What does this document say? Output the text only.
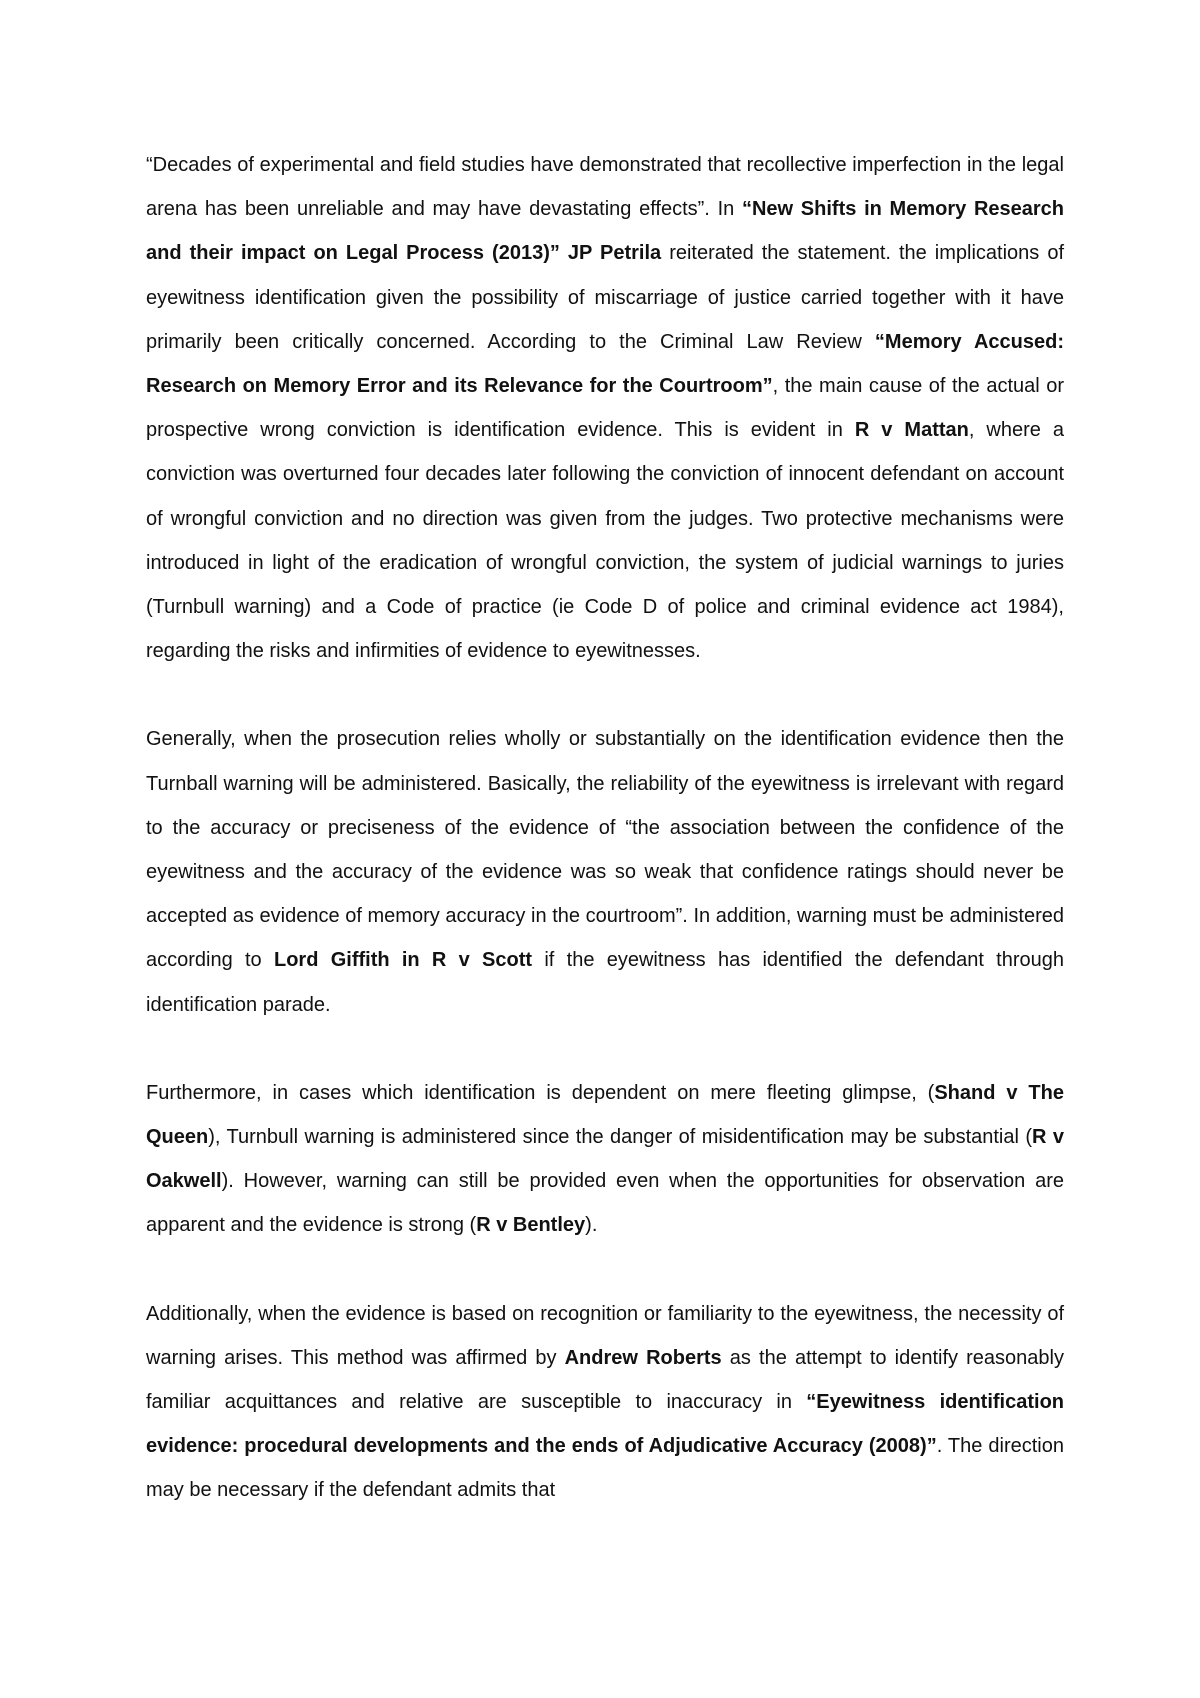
“Decades of experimental and field studies have demonstrated that recollective imperfection in the legal arena has been unreliable and may have devastating effects”. In “New Shifts in Memory Research and their impact on Legal Process (2013)” JP Petrila reiterated the statement. the implications of eyewitness identification given the possibility of miscarriage of justice carried together with it have primarily been critically concerned. According to the Criminal Law Review “Memory Accused: Research on Memory Error and its Relevance for the Courtroom”, the main cause of the actual or prospective wrong conviction is identification evidence. This is evident in R v Mattan, where a conviction was overturned four decades later following the conviction of innocent defendant on account of wrongful conviction and no direction was given from the judges. Two protective mechanisms were introduced in light of the eradication of wrongful conviction, the system of judicial warnings to juries (Turnbull warning) and a Code of practice (ie Code D of police and criminal evidence act 1984), regarding the risks and infirmities of evidence to eyewitnesses.

Generally, when the prosecution relies wholly or substantially on the identification evidence then the Turnball warning will be administered. Basically, the reliability of the eyewitness is irrelevant with regard to the accuracy or preciseness of the evidence of “the association between the confidence of the eyewitness and the accuracy of the evidence was so weak that confidence ratings should never be accepted as evidence of memory accuracy in the courtroom”. In addition, warning must be administered according to Lord Giffith in R v Scott if the eyewitness has identified the defendant through identification parade.

Furthermore, in cases which identification is dependent on mere fleeting glimpse, (Shand v The Queen), Turnbull warning is administered since the danger of misidentification may be substantial (R v Oakwell). However, warning can still be provided even when the opportunities for observation are apparent and the evidence is strong (R v Bentley).

Additionally, when the evidence is based on recognition or familiarity to the eyewitness, the necessity of warning arises. This method was affirmed by Andrew Roberts as the attempt to identify reasonably familiar acquittances and relative are susceptible to inaccuracy in “Eyewitness identification evidence: procedural developments and the ends of Adjudicative Accuracy (2008)”. The direction may be necessary if the defendant admits that
